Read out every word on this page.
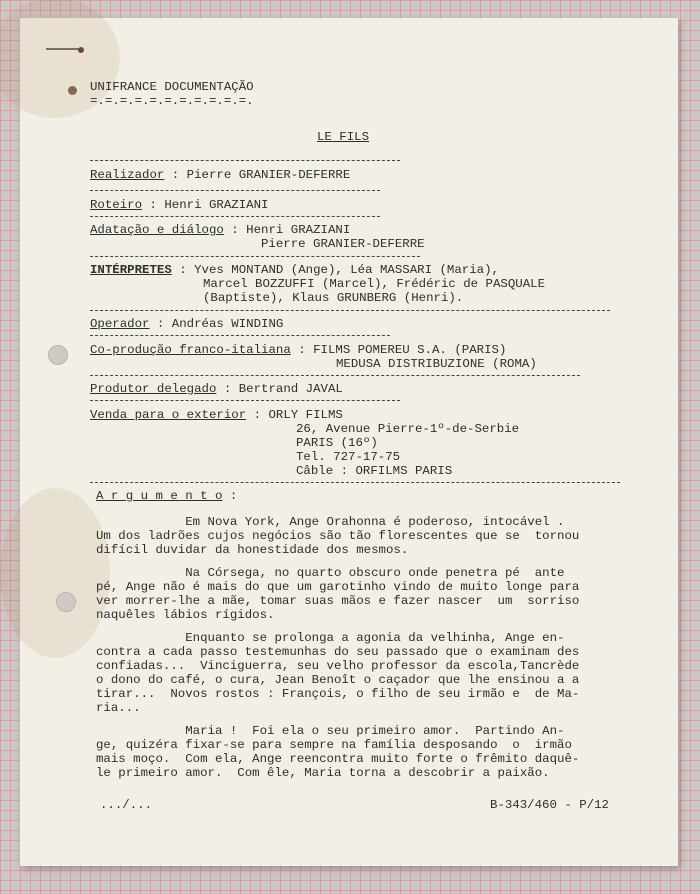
UNIFRANCE DOCUMENTAÇÃO
=.=.=.=.=.=.=.=.=.=.=.
LE FILS
Realizador : Pierre GRANIER-DEFERRE
Roteiro : Henri GRAZIANI
Adatação e diálogo : Henri GRAZIANI
Pierre GRANIER-DEFERRE
INTÉRPRETES : Yves MONTAND (Ange), Léa MASSARI (Maria),
Marcel BOZZUFFI (Marcel), Frédéric de PASQUALE
(Baptiste), Klaus GRUNBERG (Henri).
Operador : Andréas WINDING
Co-produção franco-italiana : FILMS POMEREU S.A. (PARIS)
MEDUSA DISTRIBUZIONE (ROMA)
Produtor delegado : Bertrand JAVAL
Venda para o exterior : ORLY FILMS
26, Avenue Pierre-1º-de-Serbie
PARIS (16º)
Tel. 727-17-75
Câble : ORFILMS PARIS
A r g u m e n t o :
Em Nova York, Ange Orahonna é poderoso, intocável .
Um dos ladrões cujos negócios são tão florescentes que se  tornou
difícil duvidar da honestidade dos mesmos.
Na Córsega, no quarto obscuro onde penetra pé  ante
pé, Ange não é mais do que um garotinho vindo de muito longe para
ver morrer-lhe a mãe, tomar suas mãos e fazer nascer  um  sorriso
naquêles lábios rígidos.
Enquanto se prolonga a agonia da velhinha, Ange en-
contra a cada passo testemunhas do seu passado que o examinam des
confiadas...  Vinciguerra, seu velho professor da escola,Tancrède
o dono do café, o cura, Jean Benoît o caçador que lhe ensinou a a
tirar...  Novos rostos : François, o filho de seu irmão e  de Ma-
ria...
Maria !  Foi ela o seu primeiro amor.  Partindo An-
ge, quizéra fixar-se para sempre na família desposando  o  irmão
mais moço.  Com ela, Ange reencontra muito forte o frêmito daquê-
le primeiro amor.  Com êle, Maria torna a descobrir a paixão.
.../...	B-343/460 - P/12
